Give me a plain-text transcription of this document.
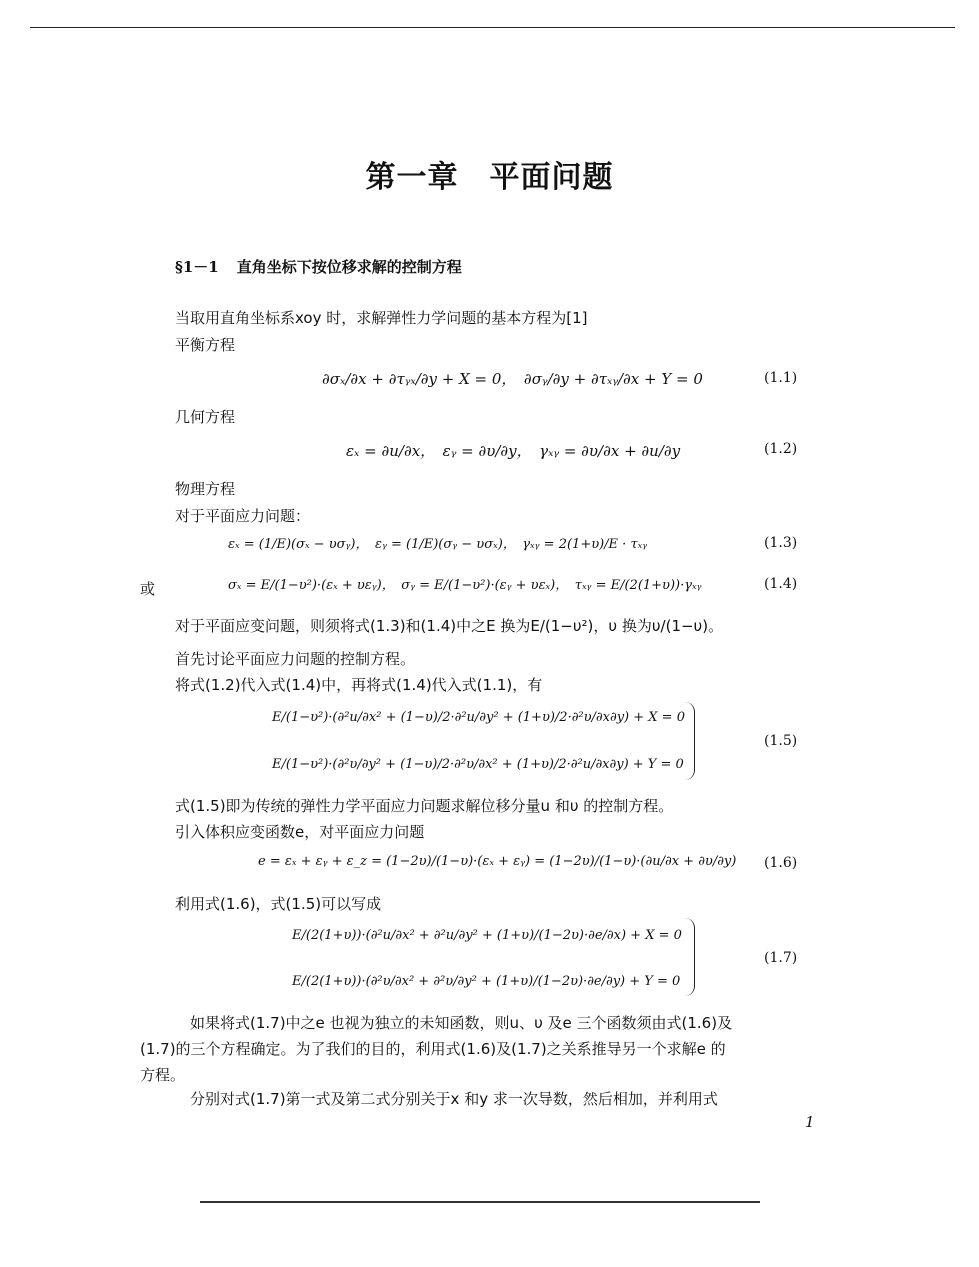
第一章　平面问题
§1－1 直角坐标下按位移求解的控制方程
当取用直角坐标系xoy 时，求解弹性力学问题的基本方程为[1]
平衡方程
∂σₓ/∂x + ∂τᵧₓ/∂y + X = 0，　∂σᵧ/∂y + ∂τₓᵧ/∂x + Y = 0	(1.1)
几何方程
εₓ = ∂u/∂x，　εᵧ = ∂υ/∂y，　γₓᵧ = ∂υ/∂x + ∂u/∂y	(1.2)
物理方程
对于平面应力问题：
εₓ = (1/E)(σₓ − υσᵧ)，　εᵧ = (1/E)(σᵧ − υσₓ)，　γₓᵧ = 2(1+υ)/E · τₓᵧ	(1.3)
或	σₓ = E/(1−υ²)·(εₓ + υεᵧ)，　σᵧ = E/(1−υ²)·(εᵧ + υεₓ)，　τₓᵧ = E/(2(1+υ))·γₓᵧ	(1.4)
对于平面应变问题，则须将式(1.3)和(1.4)中之E 换为E/(1−υ²)，υ 换为υ/(1−υ)。
首先讨论平面应力问题的控制方程。
将式(1.2)代入式(1.4)中，再将式(1.4)代入式(1.1)，有
E/(1−υ²)·(∂²u/∂x² + (1−υ)/2·∂²u/∂y² + (1+υ)/2·∂²υ/∂x∂y) + X = 0
E/(1−υ²)·(∂²υ/∂y² + (1−υ)/2·∂²υ/∂x² + (1+υ)/2·∂²u/∂x∂y) + Y = 0
(1.5)
式(1.5)即为传统的弹性力学平面应力问题求解位移分量u 和υ 的控制方程。
引入体积应变函数e，对平面应力问题
e = εₓ + εᵧ + ε_z = (1−2υ)/(1−υ)·(εₓ + εᵧ) = (1−2υ)/(1−υ)·(∂u/∂x + ∂υ/∂y) (1.6)
利用式(1.6)，式(1.5)可以写成
E/(2(1+υ))·(∂²u/∂x² + ∂²u/∂y² + (1+υ)/(1−2υ)·∂e/∂x) + X = 0
E/(2(1+υ))·(∂²υ/∂x² + ∂²υ/∂y² + (1+υ)/(1−2υ)·∂e/∂y) + Y = 0
(1.7)
如果将式(1.7)中之e 也视为独立的未知函数，则u、υ 及e 三个函数须由式(1.6)及
(1.7)的三个方程确定。为了我们的目的，利用式(1.6)及(1.7)之关系推导另一个求解e 的
方程。
分别对式(1.7)第一式及第二式分别关于x 和y 求一次导数，然后相加，并利用式
1
